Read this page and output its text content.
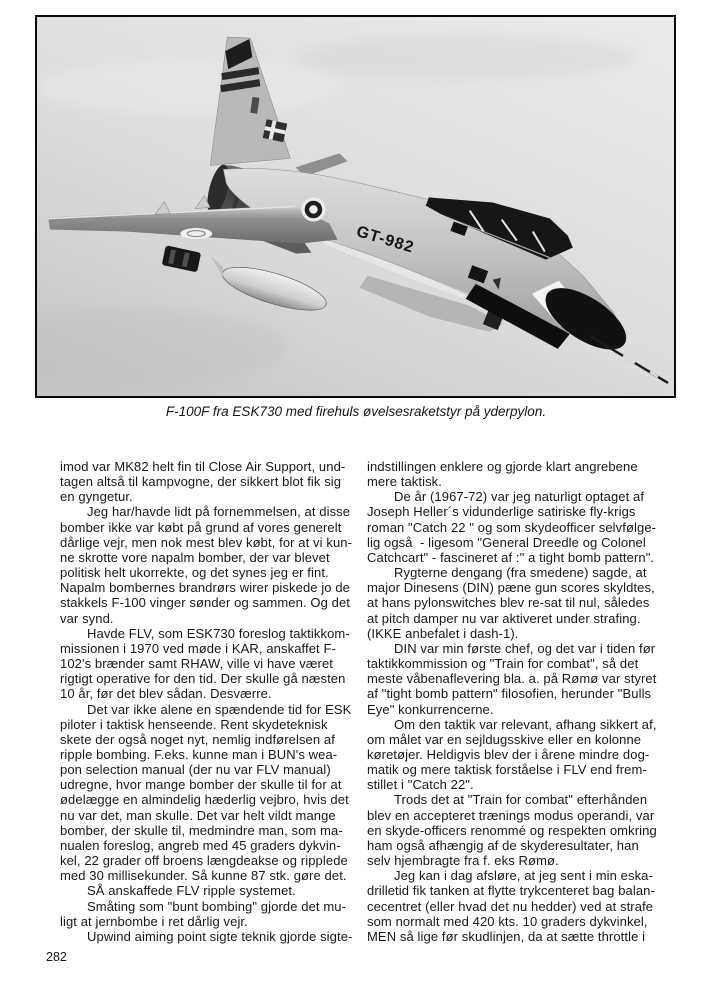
GT-982
F-100F fra ESK730 med firehuls øvelsesraketstyr på yderpylon.
imod var MK82 helt fin til Close Air Support, und-
tagen altså til kampvogne, der sikkert blot fik sig
en gyngetur.
Jeg har/havde lidt på fornemmelsen, at disse
bomber ikke var købt på grund af vores generelt
dårlige vejr, men nok mest blev købt, for at vi kun-
ne skrotte vore napalm bomber, der var blevet
politisk helt ukorrekte, og det synes jeg er fint.
Napalm bombernes brandrørs wirer piskede jo de
stakkels F-100 vinger sønder og sammen. Og det
var synd.
Havde FLV, som ESK730 foreslog taktikkom-
missionen i 1970 ved møde i KAR, anskaffet F-
102's brænder samt RHAW, ville vi have været
rigtigt operative for den tid. Der skulle gå næsten
10 år, før det blev sådan. Desværre.
Det var ikke alene en spændende tid for ESK
piloter i taktisk henseende. Rent skydeteknisk
skete der også noget nyt, nemlig indførelsen af
ripple bombing. F.eks. kunne man i BUN's wea-
pon selection manual (der nu var FLV manual)
udregne, hvor mange bomber der skulle til for at
ødelægge en almindelig hæderlig vejbro, hvis det
nu var det, man skulle. Det var helt vildt mange
bomber, der skulle til, medmindre man, som ma-
nualen foreslog, angreb med 45 graders dykvin-
kel, 22 grader off broens længdeakse og ripplede
med 30 millisekunder. Så kunne 87 stk. gøre det.
SÅ anskaffede FLV ripple systemet.
Småting som "bunt bombing" gjorde det mu-
ligt at jernbombe i ret dårlig vejr.
Upwind aiming point sigte teknik gjorde sigte-
indstillingen enklere og gjorde klart angrebene
mere taktisk.
De år (1967-72) var jeg naturligt optaget af
Joseph Heller´s vidunderlige satiriske fly-krigs
roman "Catch 22 " og som skydeofficer selvfølge-
lig også  - ligesom "General Dreedle og Colonel
Catchcart" - fascineret af :" a tight bomb pattern".
Rygterne dengang (fra smedene) sagde, at
major Dinesens (DIN) pæne gun scores skyldtes,
at hans pylonswitches blev re-sat til nul, således
at pitch damper nu var aktiveret under strafing.
(IKKE anbefalet i dash-1).
DIN var min første chef, og det var i tiden før
taktikkommission og "Train for combat", så det
meste våbenaflevering bla. a. på Rømø var styret
af "tight bomb pattern" filosofien, herunder "Bulls
Eye" konkurrencerne.
Om den taktik var relevant, afhang sikkert af,
om målet var en sejldugsskive eller en kolonne
køretøjer. Heldigvis blev der i årene mindre dog-
matik og mere taktisk forståelse i FLV end frem-
stillet i "Catch 22".
Trods det at "Train for combat" efterhånden
blev en accepteret trænings modus operandi, var
en skyde-officers renommé og respekten omkring
ham også afhængig af de skyderesultater, han
selv hjembragte fra f. eks Rømø.
Jeg kan i dag afsløre, at jeg sent i min eska-
drilletid fik tanken at flytte trykcenteret bag balan-
cecentret (eller hvad det nu hedder) ved at strafe
som normalt med 420 kts. 10 graders dykvinkel,
MEN så lige før skudlinjen, da at sætte throttle i
282
